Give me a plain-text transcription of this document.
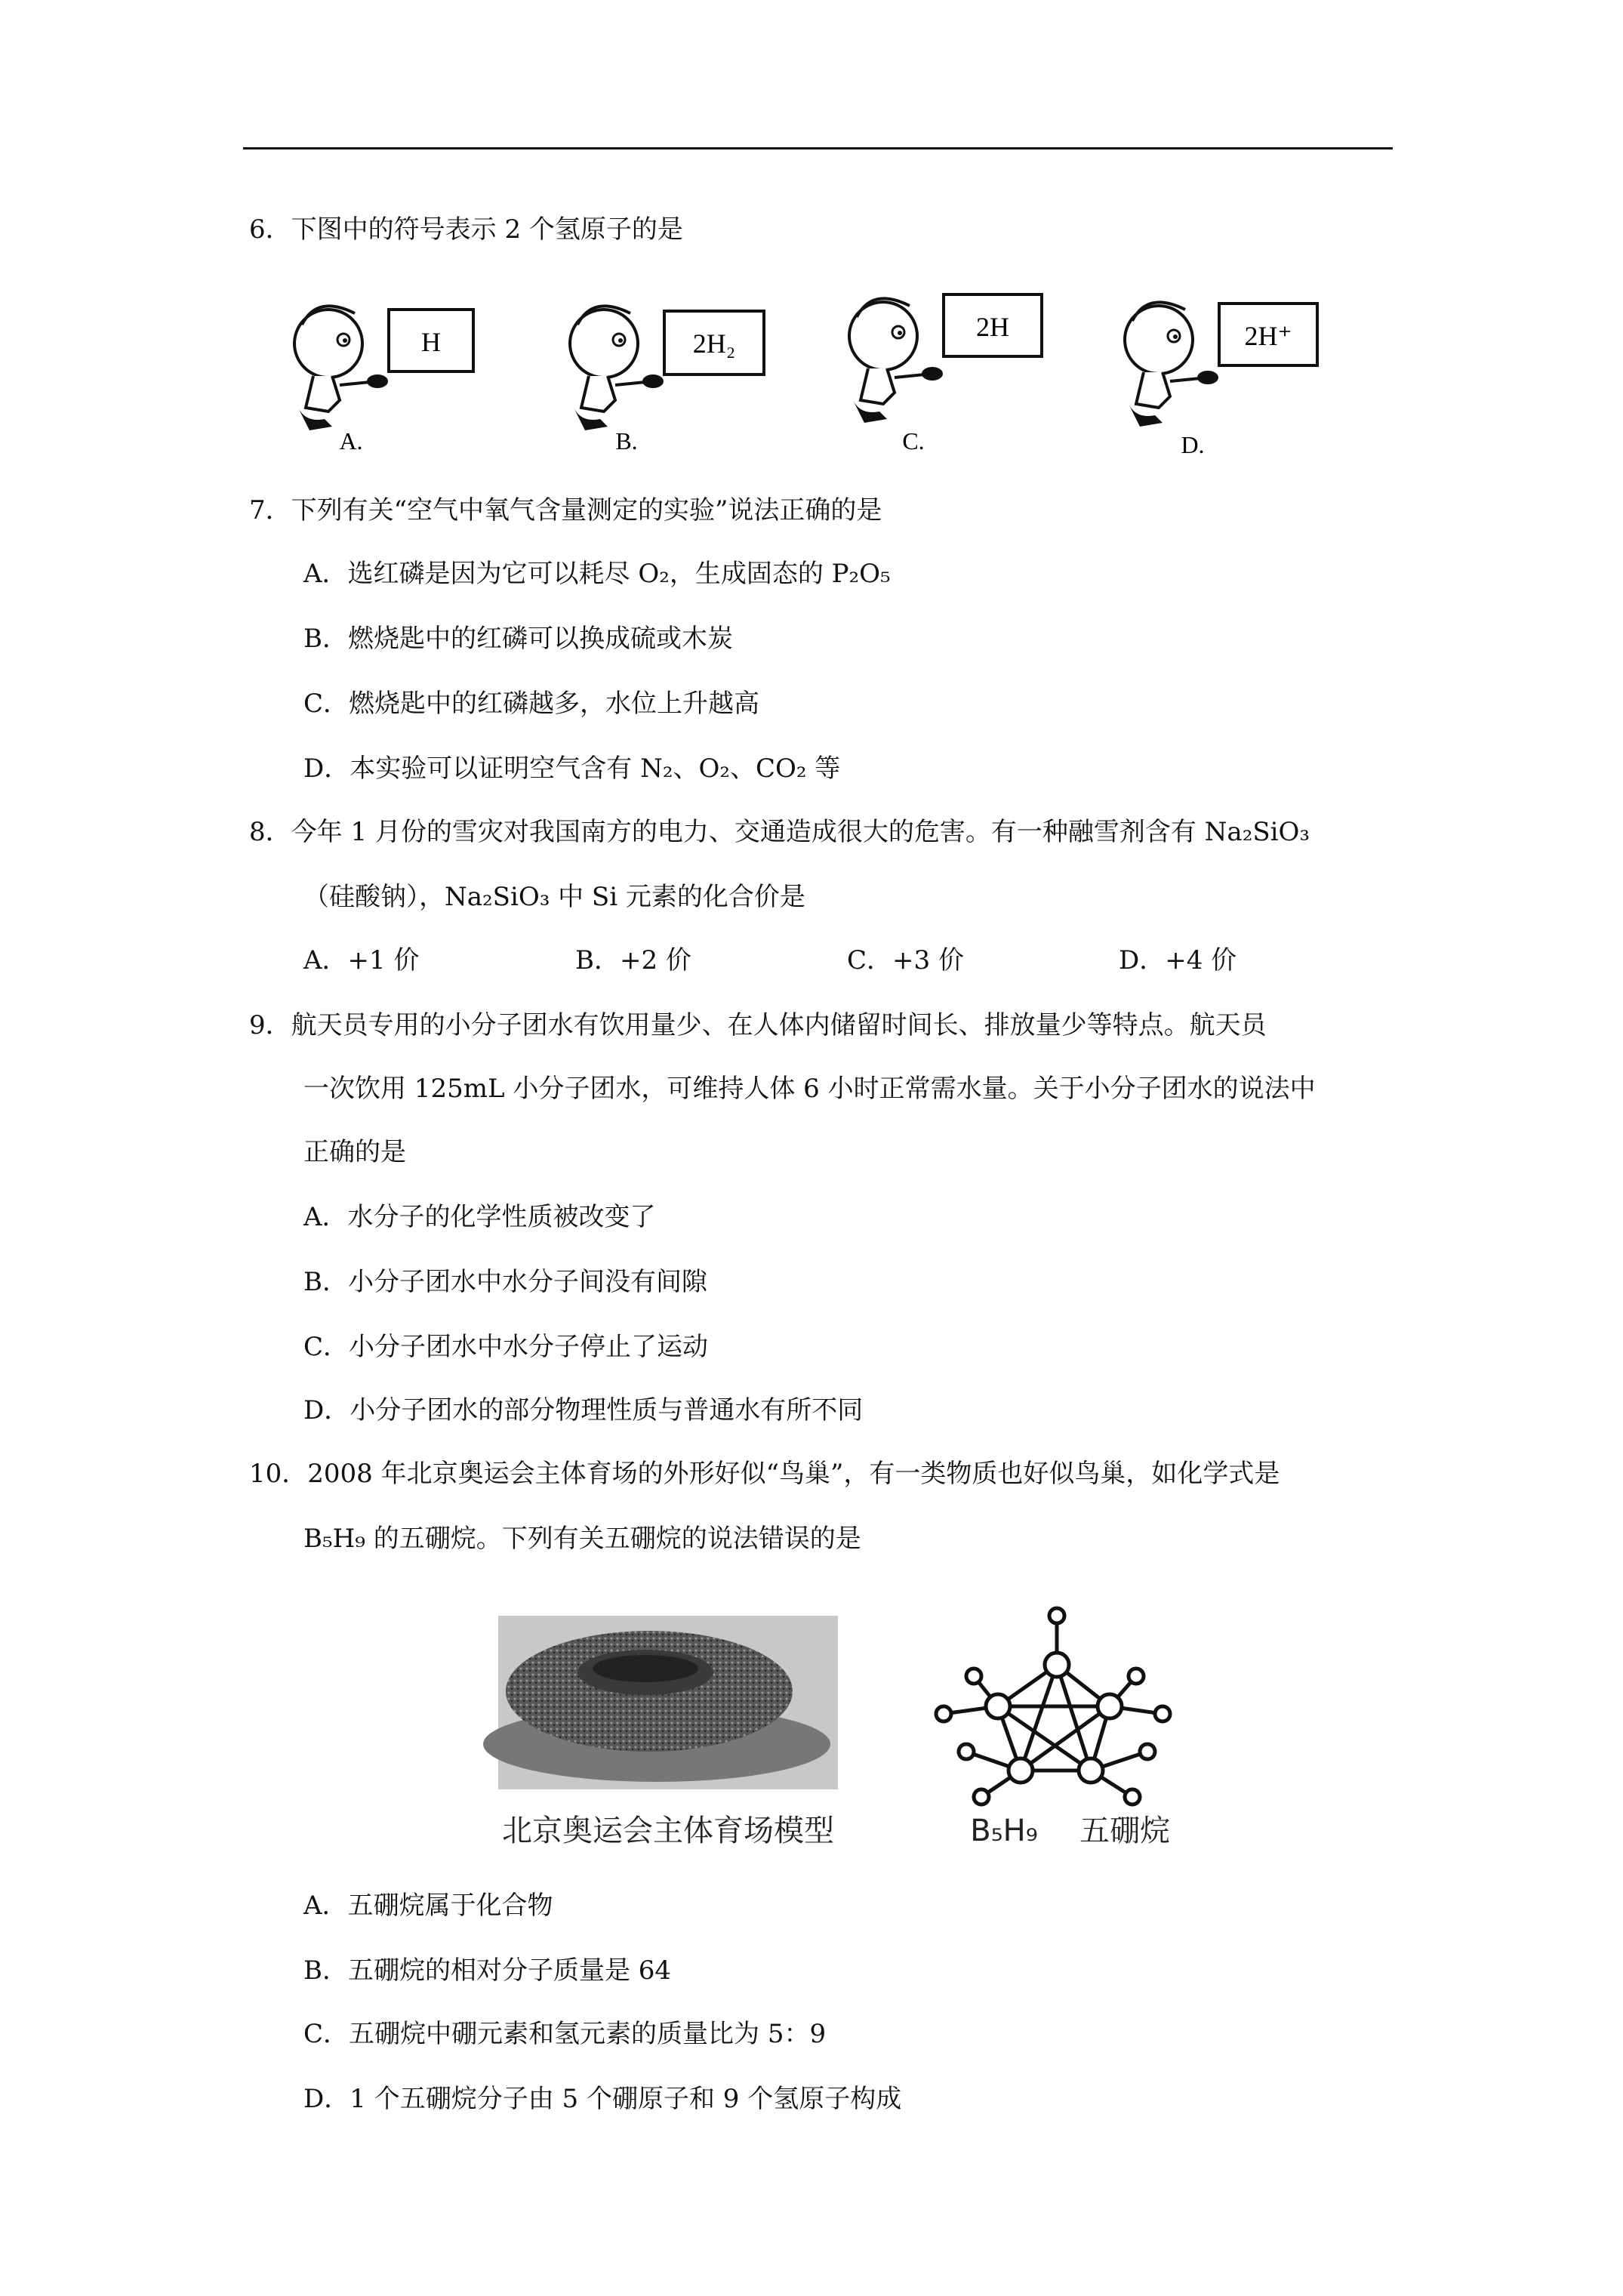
6．下图中的符号表示 2 个氢原子的是
H
A.
2H₂
B.
2H
C.
2H⁺
D.
7．下列有关“空气中氧气含量测定的实验”说法正确的是
A．选红磷是因为它可以耗尽 O₂，生成固态的 P₂O₅
B．燃烧匙中的红磷可以换成硫或木炭
C．燃烧匙中的红磷越多，水位上升越高
D．本实验可以证明空气含有 N₂、O₂、CO₂ 等
8．今年 1 月份的雪灾对我国南方的电力、交通造成很大的危害。有一种融雪剂含有 Na₂SiO₃
（硅酸钠），Na₂SiO₃ 中 Si 元素的化合价是
A．+1 价	B．+2 价	C．+3 价	D．+4 价
9．航天员专用的小分子团水有饮用量少、在人体内储留时间长、排放量少等特点。航天员
一次饮用 125mL 小分子团水，可维持人体 6 小时正常需水量。关于小分子团水的说法中
正确的是
A．水分子的化学性质被改变了
B．小分子团水中水分子间没有间隙
C．小分子团水中水分子停止了运动
D．小分子团水的部分物理性质与普通水有所不同
10．2008 年北京奥运会主体育场的外形好似“鸟巢”，有一类物质也好似鸟巢，如化学式是
B₅H₉ 的五硼烷。下列有关五硼烷的说法错误的是
北京奥运会主体育场模型	B₅H₉ 五硼烷
A．五硼烷属于化合物
B．五硼烷的相对分子质量是 64
C．五硼烷中硼元素和氢元素的质量比为 5：9
D．1 个五硼烷分子由 5 个硼原子和 9 个氢原子构成
